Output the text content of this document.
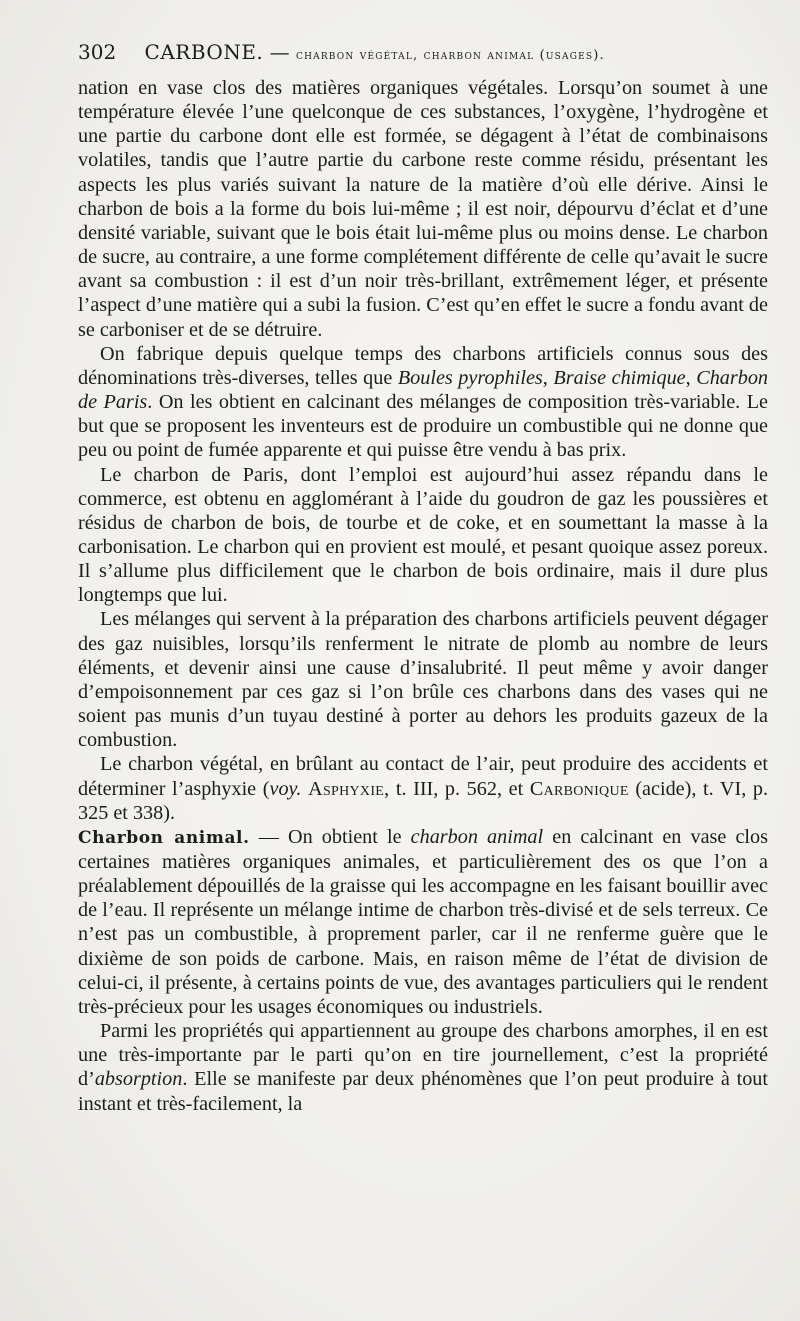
302 CARBONE. — charbon végétal, charbon animal (usages).

nation en vase clos des matières organiques végétales. Lorsqu’on soumet à une température élevée l’une quelconque de ces substances, l’oxygène, l’hydrogène et une partie du carbone dont elle est formée, se dégagent à l’état de combinaisons volatiles, tandis que l’autre partie du carbone reste comme résidu, présentant les aspects les plus variés suivant la nature de la matière d’où elle dérive. Ainsi le charbon de bois a la forme du bois lui-même ; il est noir, dépourvu d’éclat et d’une densité variable, suivant que le bois était lui-même plus ou moins dense. Le charbon de sucre, au contraire, a une forme complétement différente de celle qu’avait le sucre avant sa combustion : il est d’un noir très-brillant, extrêmement léger, et présente l’aspect d’une matière qui a subi la fusion. C’est qu’en effet le sucre a fondu avant de se carboniser et de se détruire.

On fabrique depuis quelque temps des charbons artificiels connus sous des dénominations très-diverses, telles que Boules pyrophiles, Braise chimique, Charbon de Paris. On les obtient en calcinant des mélanges de composition très-variable. Le but que se proposent les inventeurs est de produire un combustible qui ne donne que peu ou point de fumée apparente et qui puisse être vendu à bas prix.

Le charbon de Paris, dont l’emploi est aujourd’hui assez répandu dans le commerce, est obtenu en agglomérant à l’aide du goudron de gaz les poussières et résidus de charbon de bois, de tourbe et de coke, et en soumettant la masse à la carbonisation. Le charbon qui en provient est moulé, et pesant quoique assez poreux. Il s’allume plus difficilement que le charbon de bois ordinaire, mais il dure plus longtemps que lui.

Les mélanges qui servent à la préparation des charbons artificiels peuvent dégager des gaz nuisibles, lorsqu’ils renferment le nitrate de plomb au nombre de leurs éléments, et devenir ainsi une cause d’insalubrité. Il peut même y avoir danger d’empoisonnement par ces gaz si l’on brûle ces charbons dans des vases qui ne soient pas munis d’un tuyau destiné à porter au dehors les produits gazeux de la combustion.

Le charbon végétal, en brûlant au contact de l’air, peut produire des accidents et déterminer l’asphyxie (voy. Asphyxie, t. III, p. 562, et Carbonique (acide), t. VI, p. 325 et 338).

Charbon animal. — On obtient le charbon animal en calcinant en vase clos certaines matières organiques animales, et particulièrement des os que l’on a préalablement dépouillés de la graisse qui les accompagne en les faisant bouillir avec de l’eau. Il représente un mélange intime de charbon très-divisé et de sels terreux. Ce n’est pas un combustible, à proprement parler, car il ne renferme guère que le dixième de son poids de carbone. Mais, en raison même de l’état de division de celui-ci, il présente, à certains points de vue, des avantages particuliers qui le rendent très-précieux pour les usages économiques ou industriels.

Parmi les propriétés qui appartiennent au groupe des charbons amorphes, il en est une très-importante par le parti qu’on en tire journellement, c’est la propriété d’absorption. Elle se manifeste par deux phénomènes que l’on peut produire à tout instant et très-facilement, la
